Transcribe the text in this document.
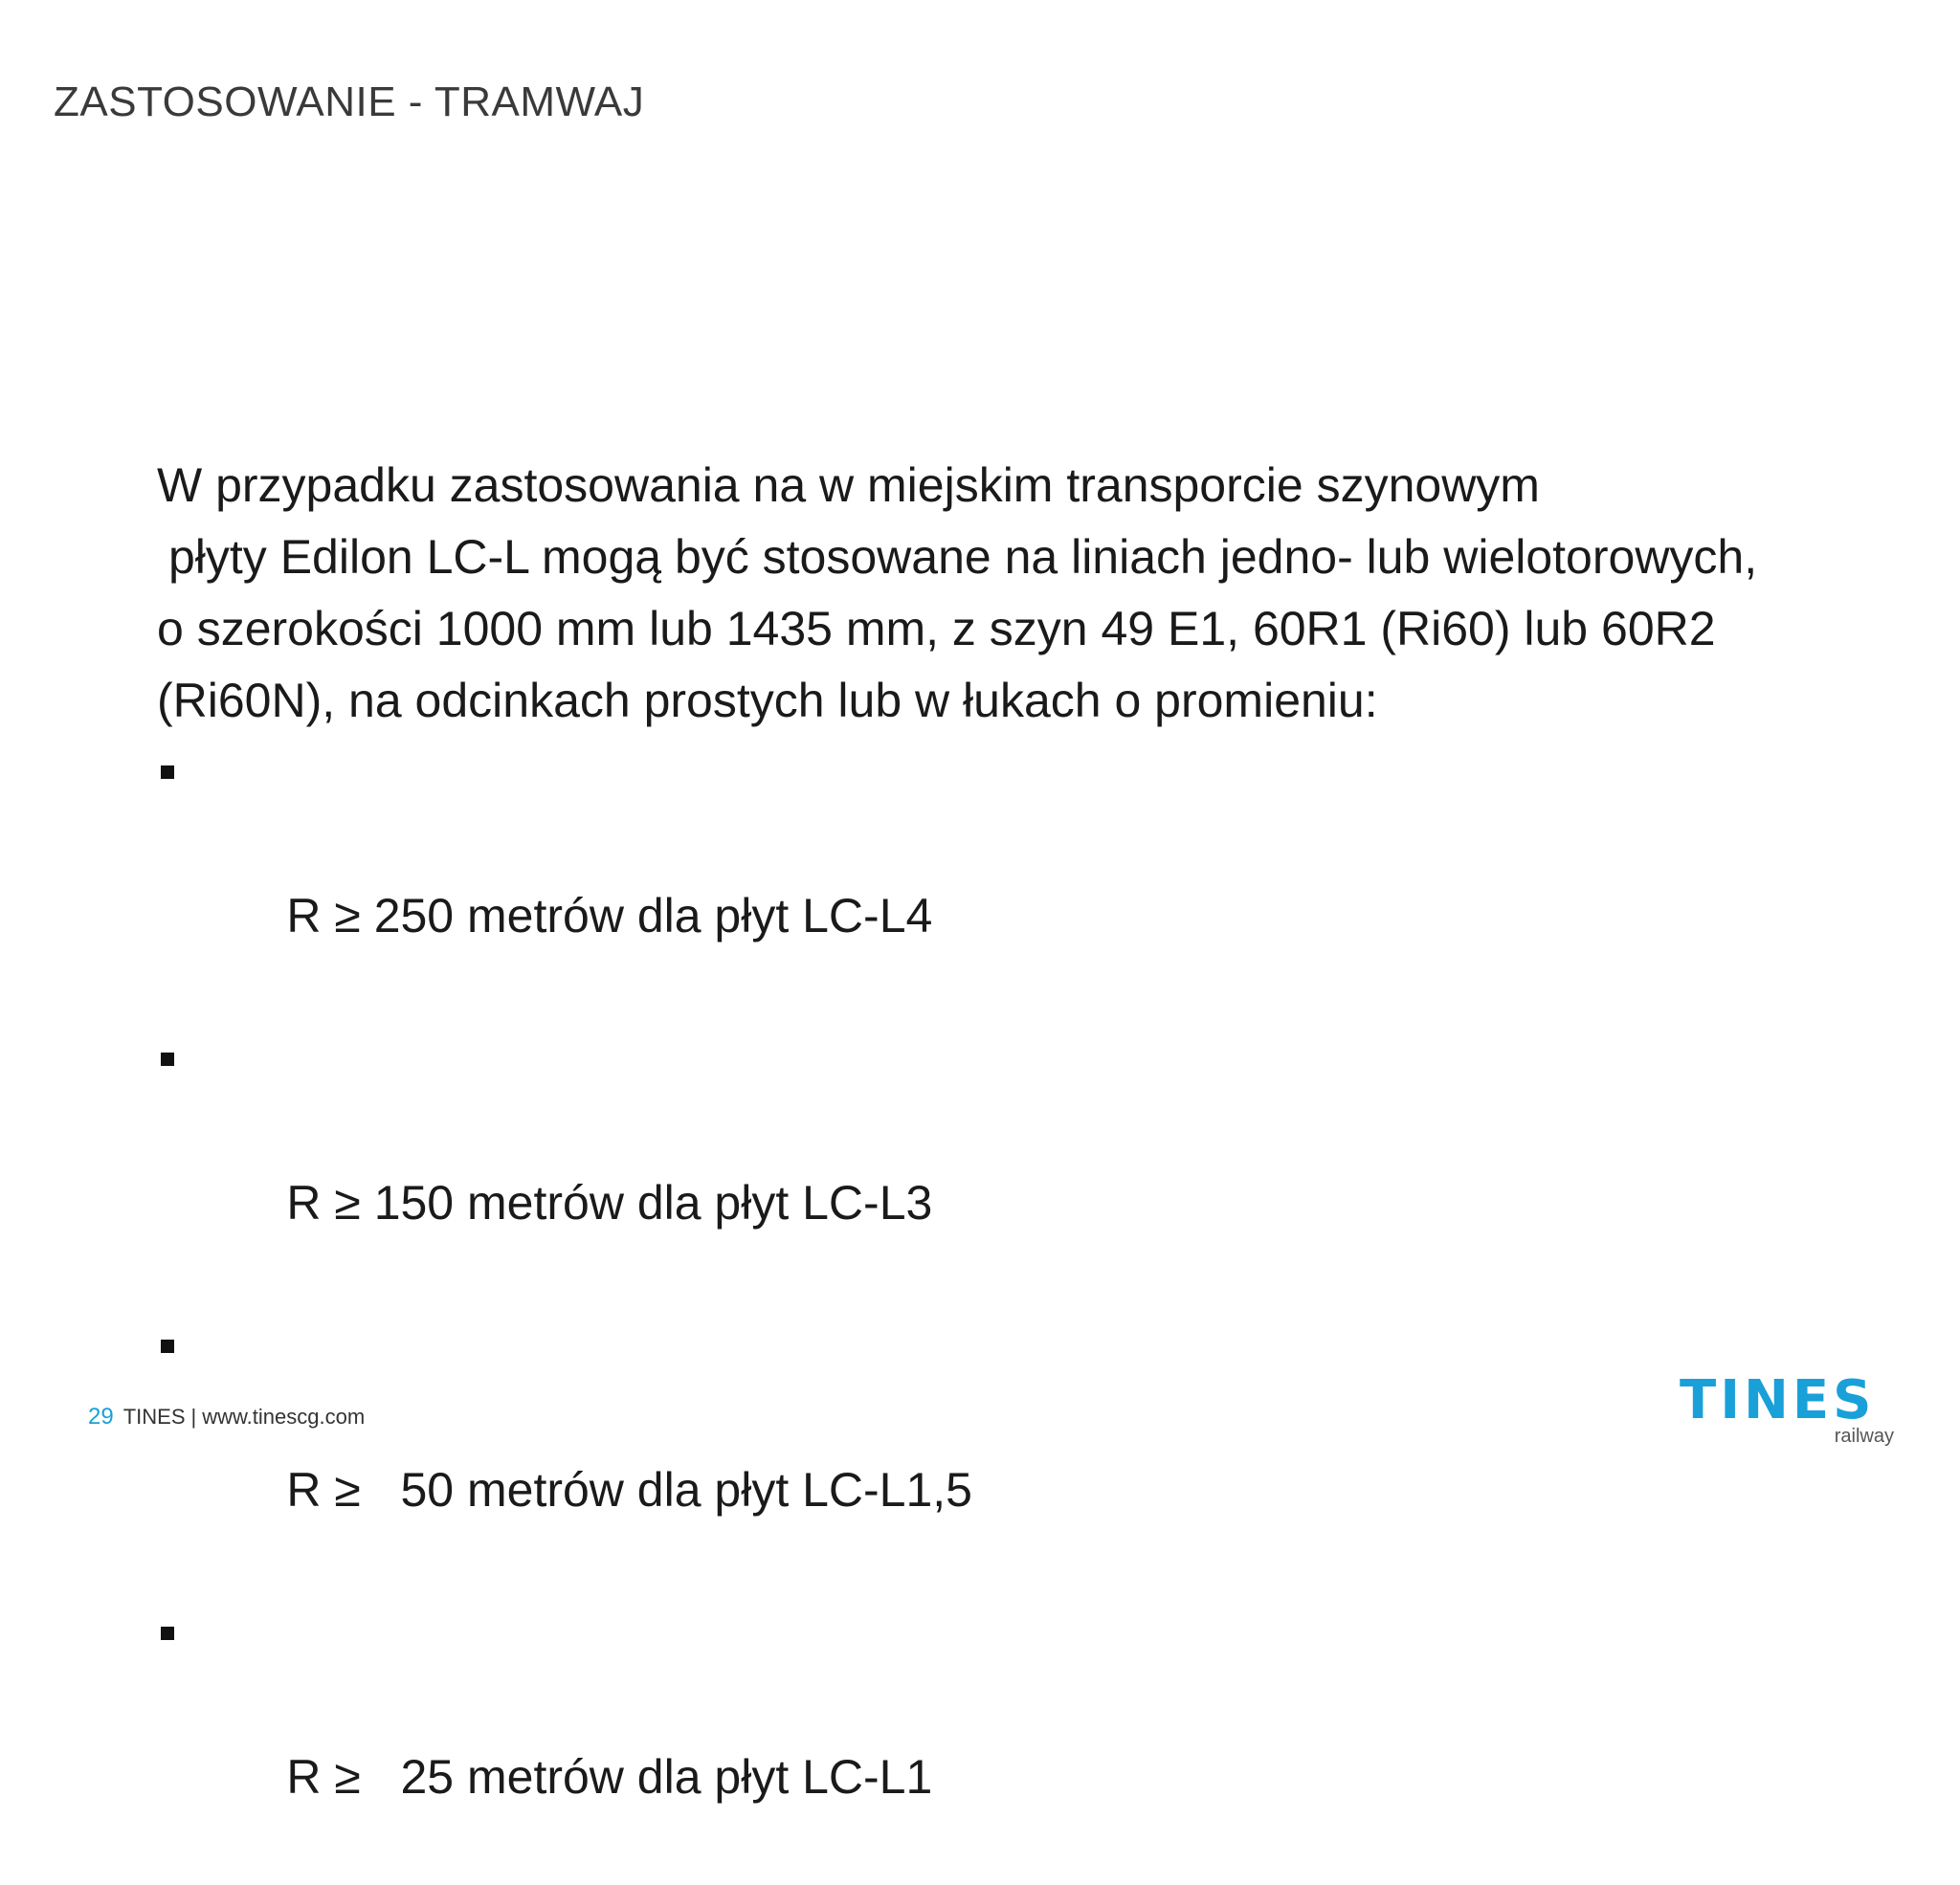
ZASTOSOWANIE - TRAMWAJ
W przypadku zastosowania na w miejskim transporcie szynowym
płyty Edilon LC-L mogą być stosowane na liniach jedno- lub wielotorowych,
o szerokości 1000 mm lub 1435 mm, z szyn 49 E1, 60R1 (Ri60) lub 60R2
(Ri60N), na odcinkach prostych lub w łukach o promieniu:

R ≥ 250 metrów dla płyt LC-L4

R ≥ 150 metrów dla płyt LC-L3

R ≥   50 metrów dla płyt LC-L1,5

R ≥   25 metrów dla płyt LC-L1

29 TINES | www.tinescg.com	TINES
railway
